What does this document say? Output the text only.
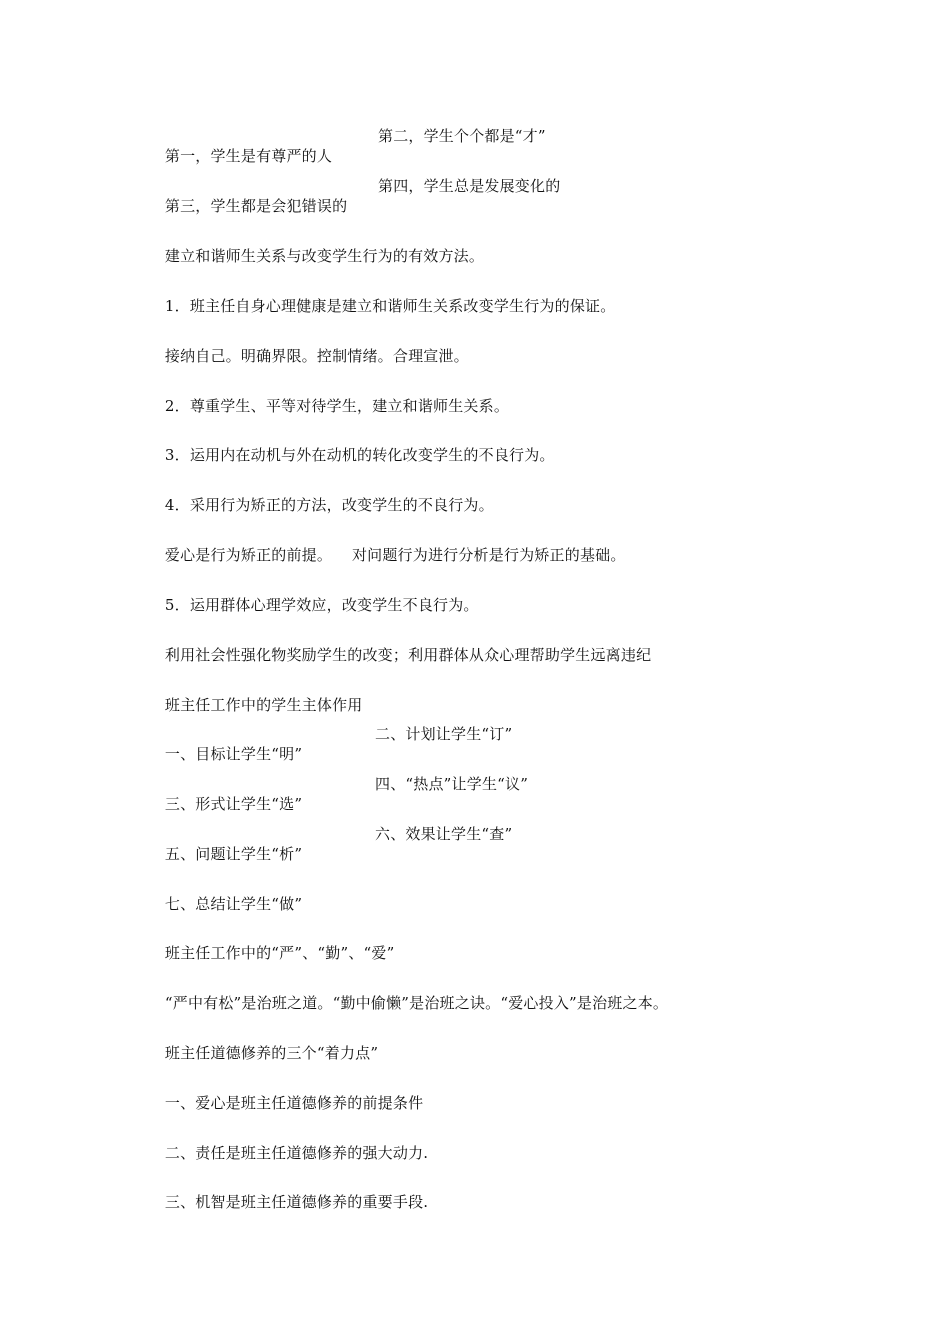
第一，学生是有尊严的人

第二，学生个个都是“才”

第三，学生都是会犯错误的

第四，学生总是发展变化的

建立和谐师生关系与改变学生行为的有效方法。

1．班主任自身心理健康是建立和谐师生关系改变学生行为的保证。

接纳自己。明确界限。控制情绪。合理宣泄。

2．尊重学生、平等对待学生，建立和谐师生关系。

3．运用内在动机与外在动机的转化改变学生的不良行为。

4．采用行为矫正的方法，改变学生的不良行为。

爱心是行为矫正的前提。    对问题行为进行分析是行为矫正的基础。

5．运用群体心理学效应，改变学生不良行为。

利用社会性强化物奖励学生的改变；利用群体从众心理帮助学生远离违纪

班主任工作中的学生主体作用

一、目标让学生“明”

二、计划让学生“订”

三、形式让学生“选”

四、“热点”让学生“议”

五、问题让学生“析”

六、效果让学生“查”

七、总结让学生“做”

班主任工作中的“严”、“勤”、“爱”

“严中有松”是治班之道。“勤中偷懒”是治班之诀。“爱心投入”是治班之本。

班主任道德修养的三个“着力点”

一、爱心是班主任道德修养的前提条件

二、责任是班主任道德修养的强大动力.

三、机智是班主任道德修养的重要手段.
